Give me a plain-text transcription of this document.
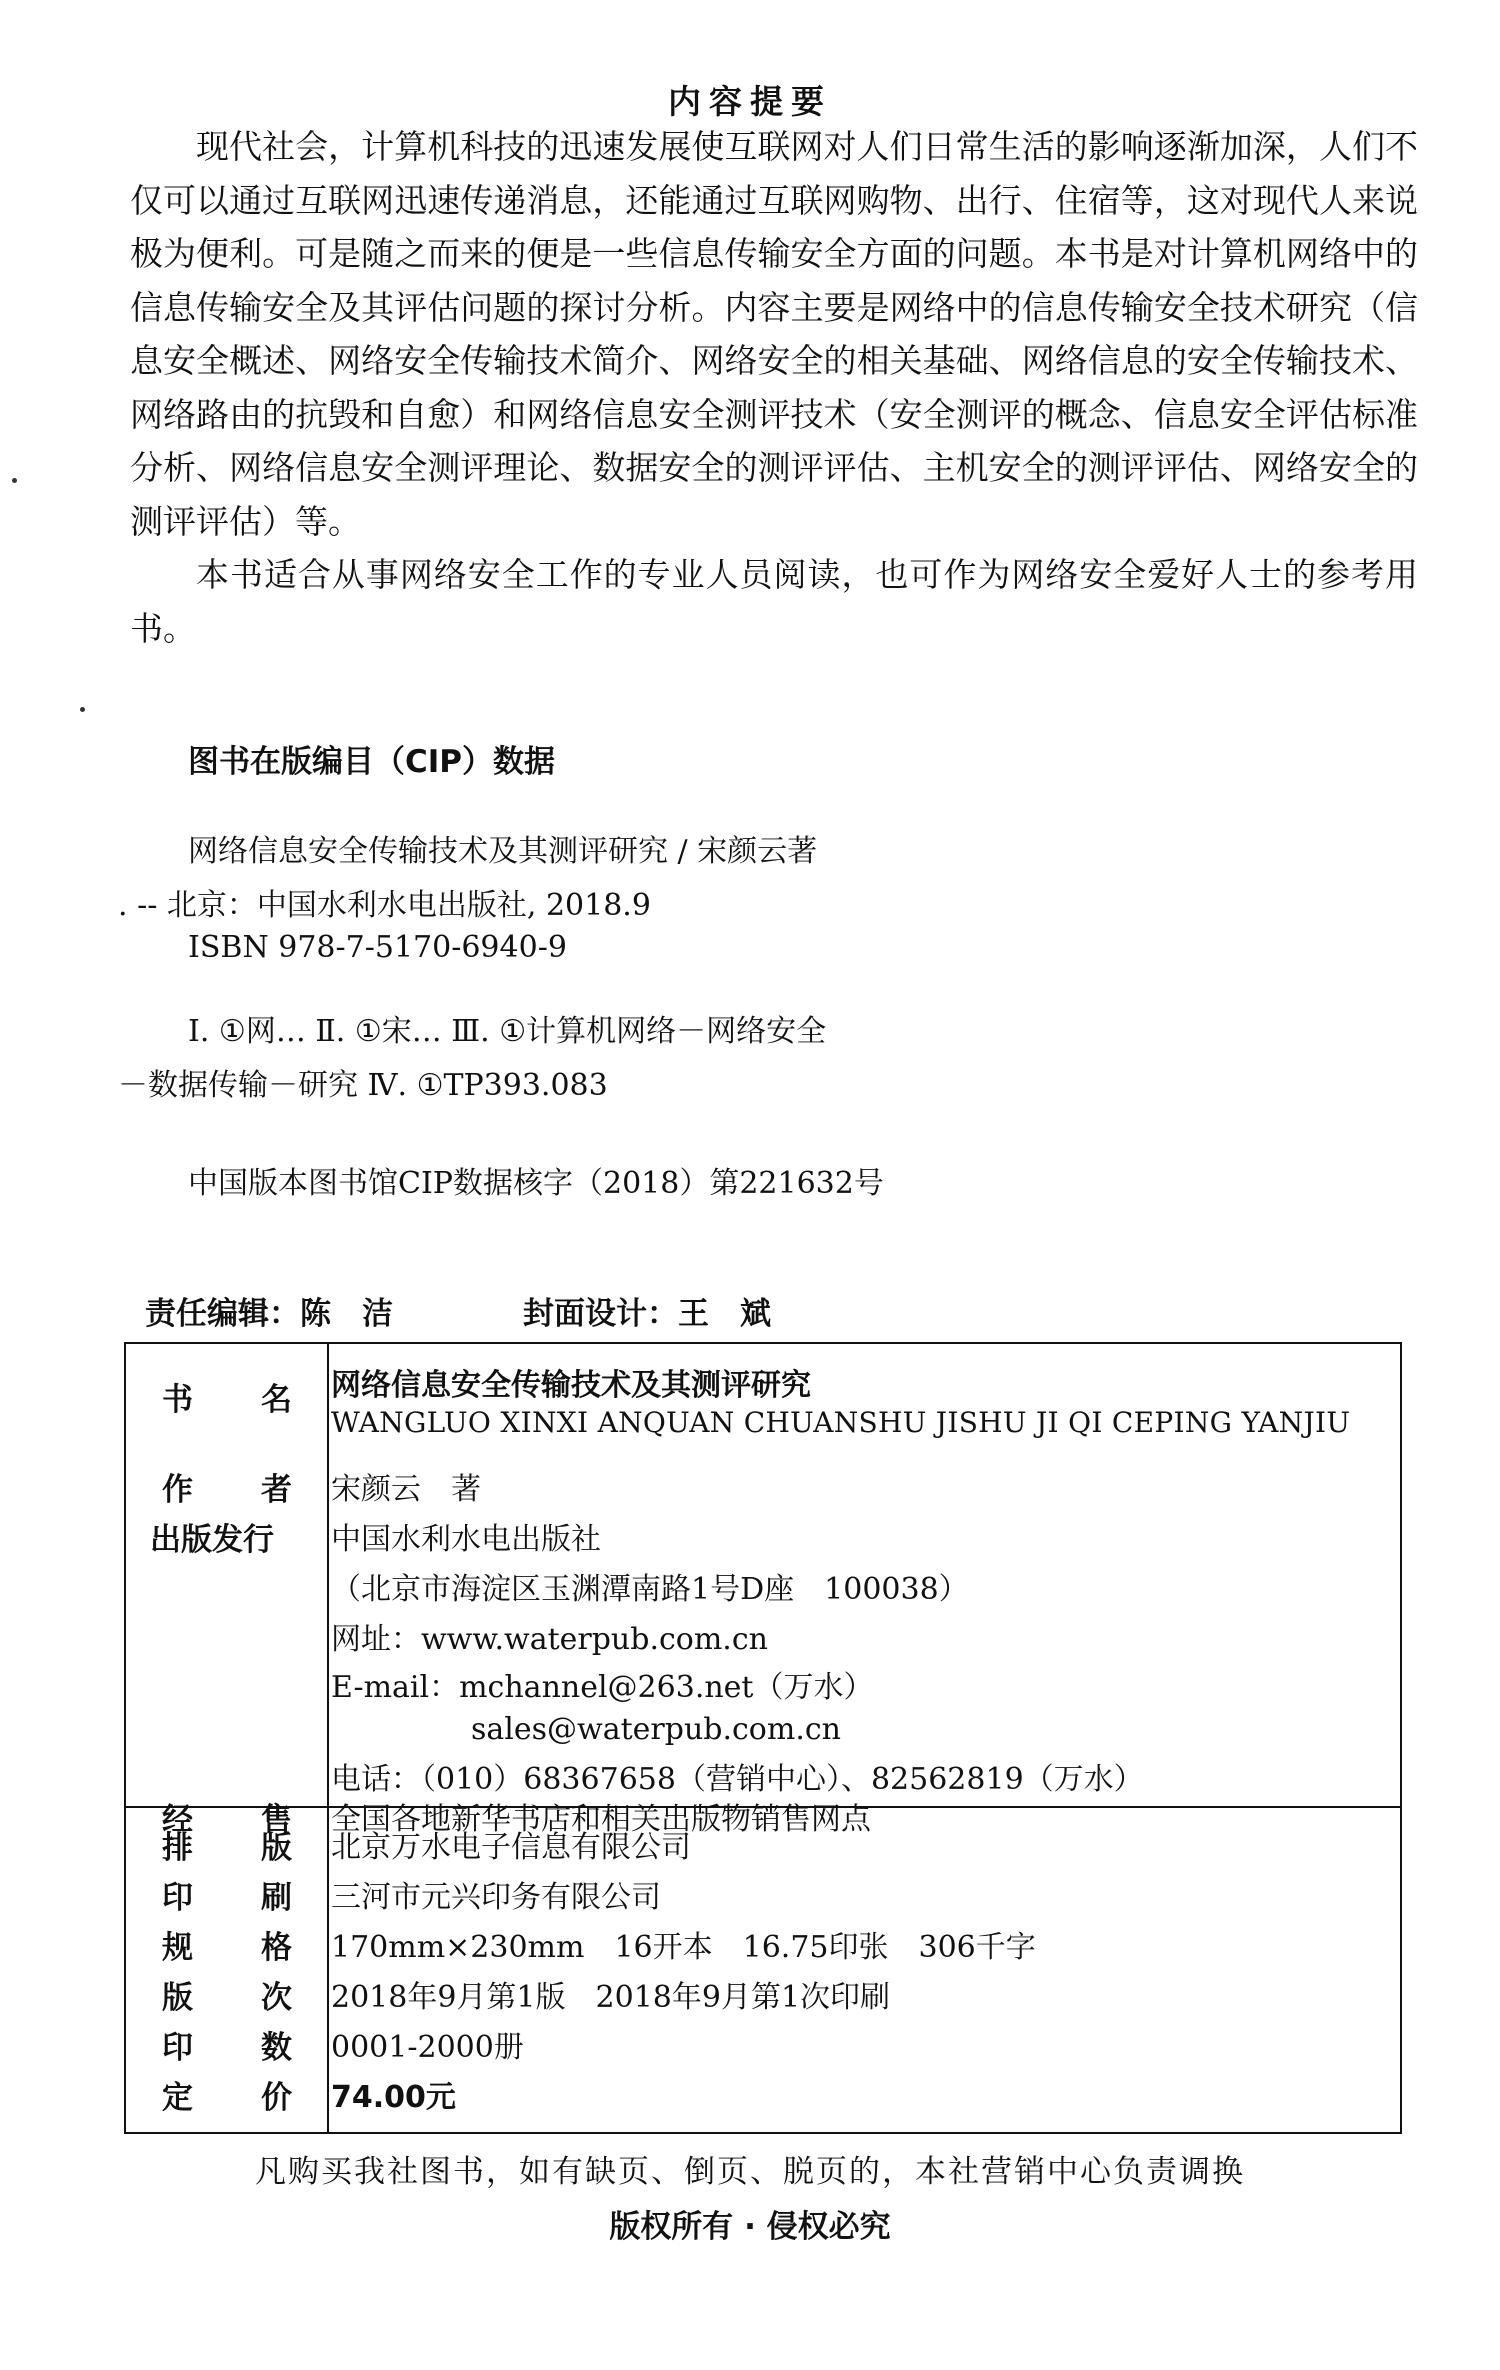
内容提要

现代社会，计算机科技的迅速发展使互联网对人们日常生活的影响逐渐加深，人们不仅可以通过互联网迅速传递消息，还能通过互联网购物、出行、住宿等，这对现代人来说极为便利。可是随之而来的便是一些信息传输安全方面的问题。本书是对计算机网络中的信息传输安全及其评估问题的探讨分析。内容主要是网络中的信息传输安全技术研究（信息安全概述、网络安全传输技术简介、网络安全的相关基础、网络信息的安全传输技术、网络路由的抗毁和自愈）和网络信息安全测评技术（安全测评的概念、信息安全评估标准分析、网络信息安全测评理论、数据安全的测评评估、主机安全的测评评估、网络安全的测评评估）等。

本书适合从事网络安全工作的专业人员阅读，也可作为网络安全爱好人士的参考用书。

图书在版编目（CIP）数据
网络信息安全传输技术及其测评研究 / 宋颜云著
. -- 北京：中国水利水电出版社, 2018.9
ISBN 978-7-5170-6940-9
Ⅰ. ①网… Ⅱ. ①宋… Ⅲ. ①计算机网络－网络安全
－数据传输－研究 Ⅳ. ①TP393.083
中国版本图书馆CIP数据核字（2018）第221632号
责任编辑：陈　洁	封面设计：王　斌
书 名 网络信息安全传输技术及其测评研究
WANGLUO XINXI ANQUAN CHUANSHU JISHU JI QI CEPING YANJIU
作 者 宋颜云　著
出版发行 中国水利水电出版社
（北京市海淀区玉渊潭南路1号D座　100038）
网址：www.waterpub.com.cn
E-mail：mchannel@263.net（万水）
sales@waterpub.com.cn
电话：（010）68367658（营销中心）、82562819（万水）
经 售 全国各地新华书店和相关出版物销售网点
排 版 北京万水电子信息有限公司
印 刷 三河市元兴印务有限公司
规 格 170mm×230mm　16开本　16.75印张　306千字
版 次 2018年9月第1版　2018年9月第1次印刷
印 数 0001-2000册
定 价 74.00元
凡购买我社图书，如有缺页、倒页、脱页的，本社营销中心负责调换
版权所有 · 侵权必究
